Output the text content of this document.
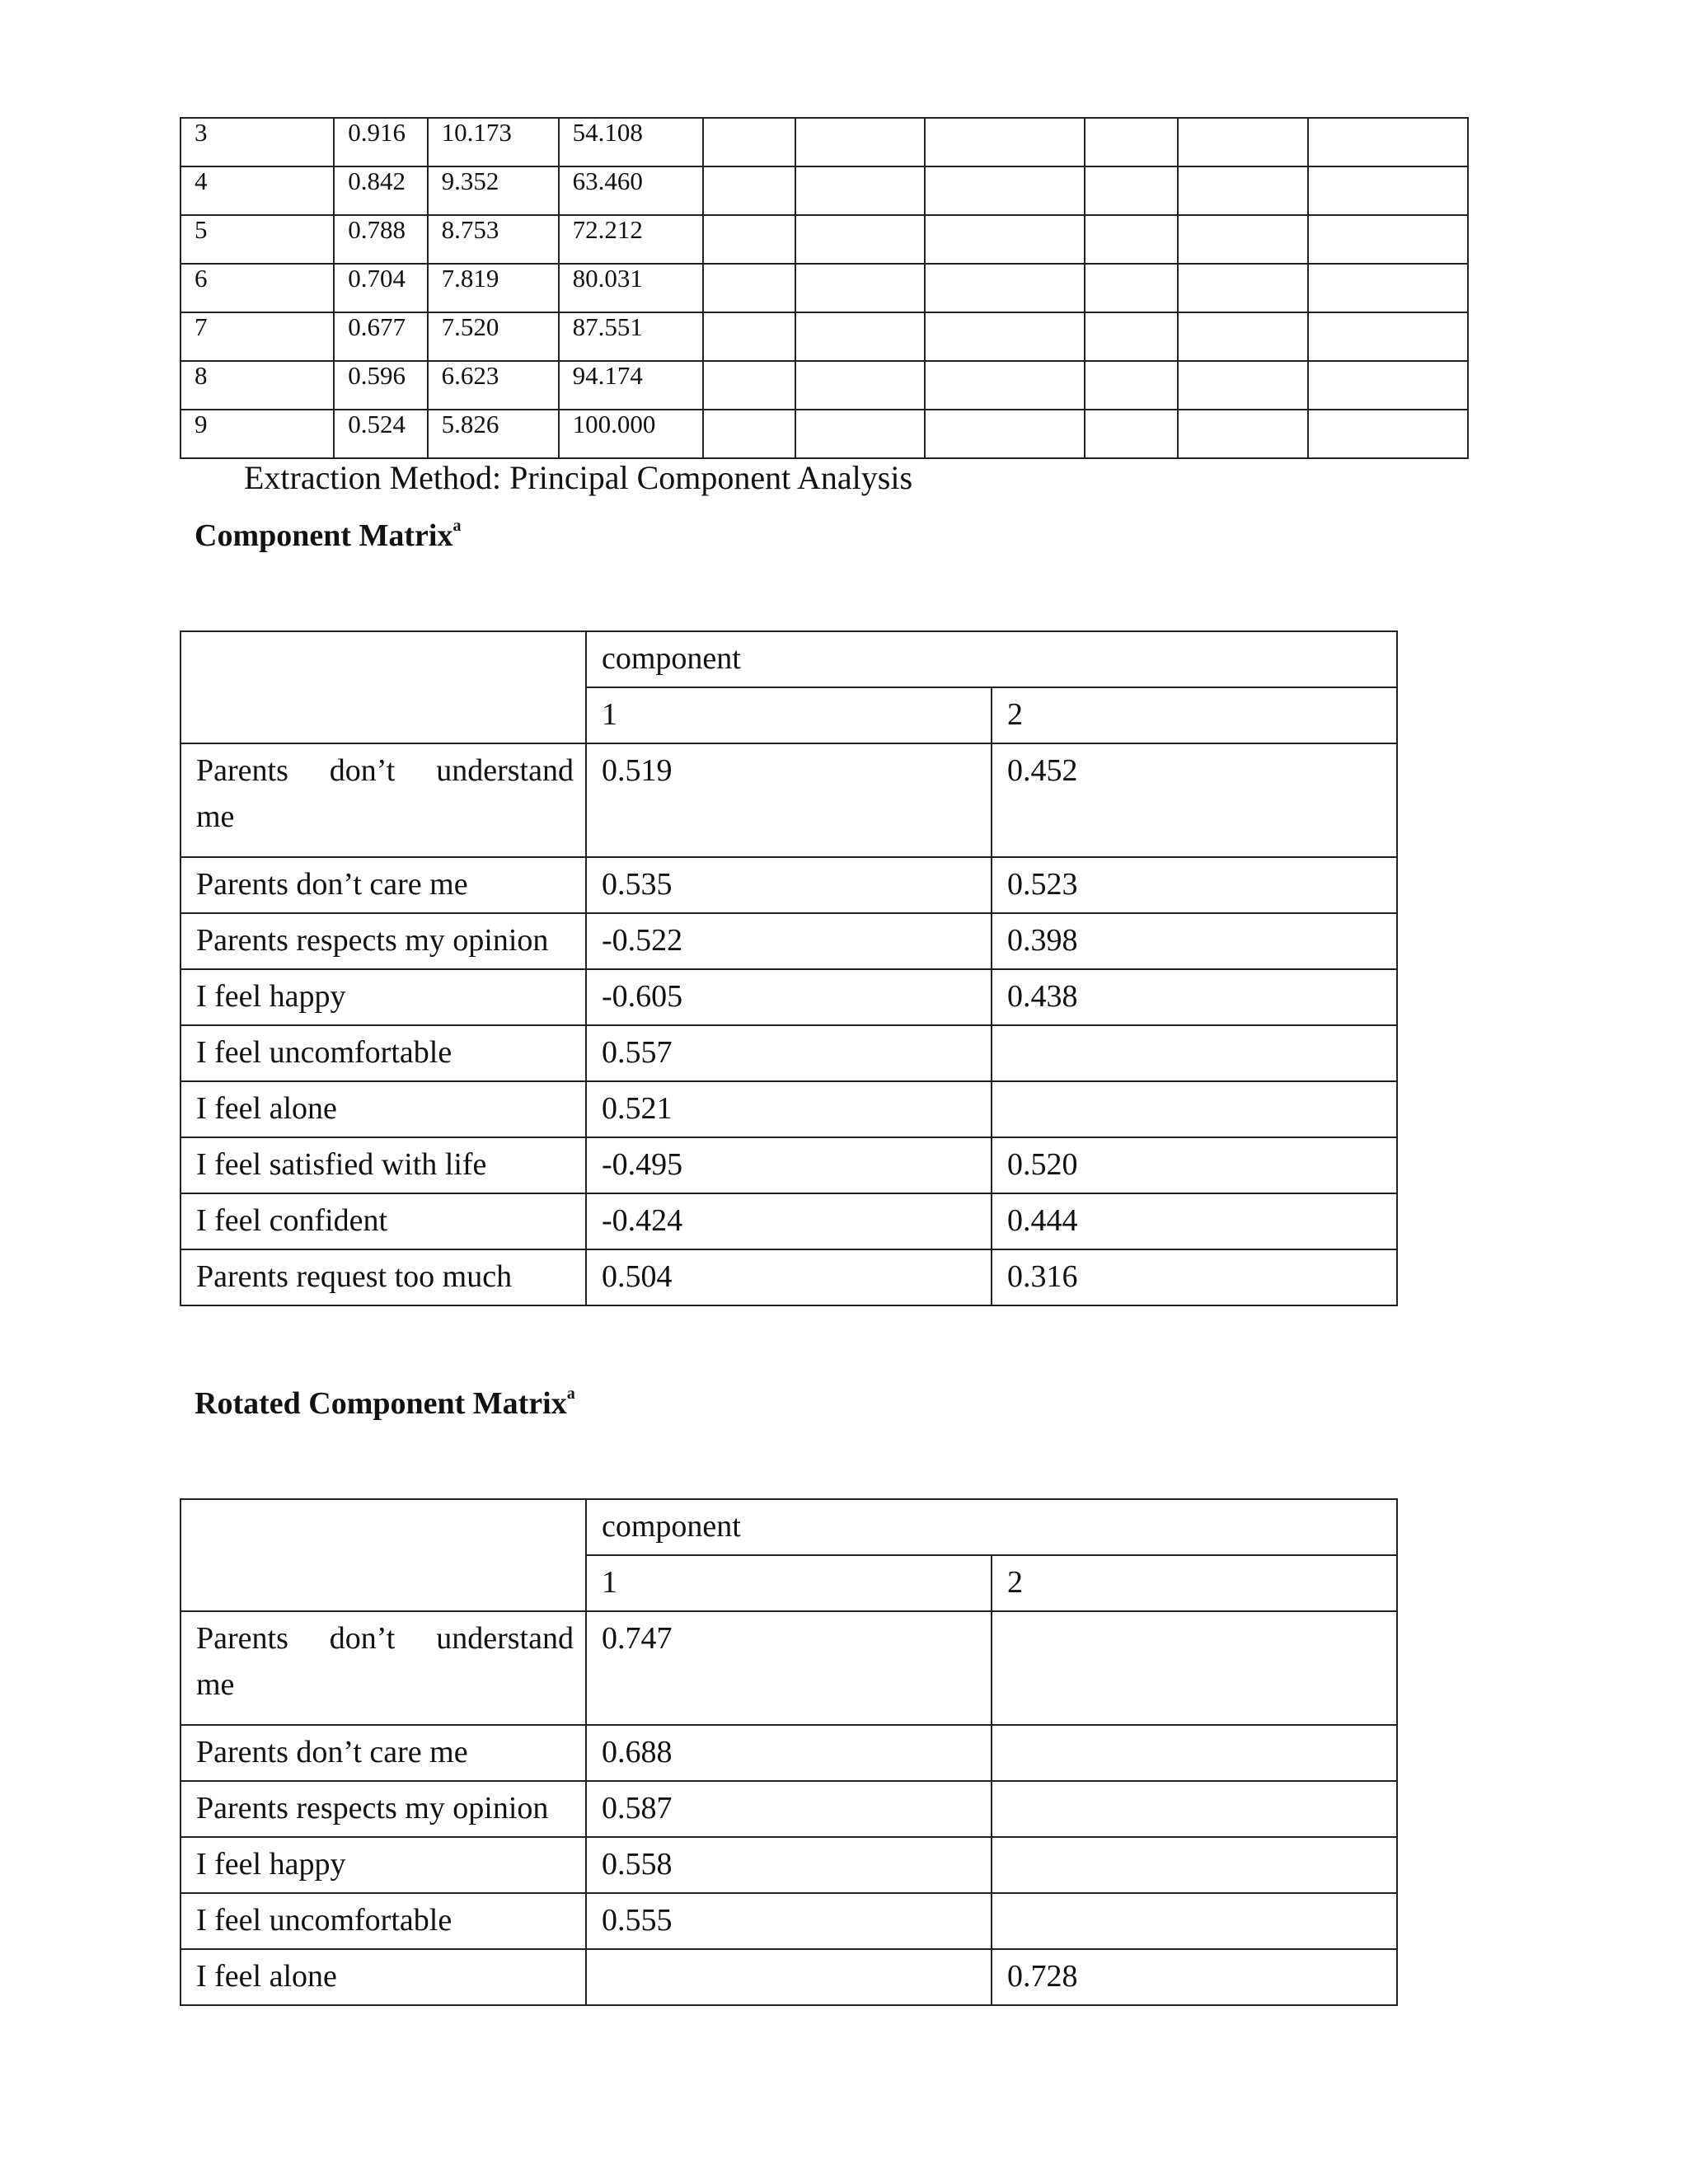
3	0.916	10.173	54.108						
4	0.842	9.352	63.460						
5	0.788	8.753	72.212						
6	0.704	7.819	80.031						
7	0.677	7.520	87.551						
8	0.596	6.623	94.174						
9	0.524	5.826	100.000						
Extraction Method: Principal Component Analysis
Component Matrix$^a$
	component	
	1	2

Parents don’t understand
me	0.519	0.452
Parents don’t care me	0.535	0.523
Parents respects my opinion	-0.522	0.398
I feel happy	-0.605	0.438
I feel uncomfortable	0.557	
I feel alone	0.521	
I feel satisfied with life	-0.495	0.520
I feel confident	-0.424	0.444
Parents request too much	0.504	0.316
Rotated Component Matrix$^a$
	component	
	1	2

Parents don’t understand
me	0.747	
Parents don’t care me	0.688	
Parents respects my opinion	0.587	
I feel happy	0.558	
I feel uncomfortable	0.555	
I feel alone		0.728
